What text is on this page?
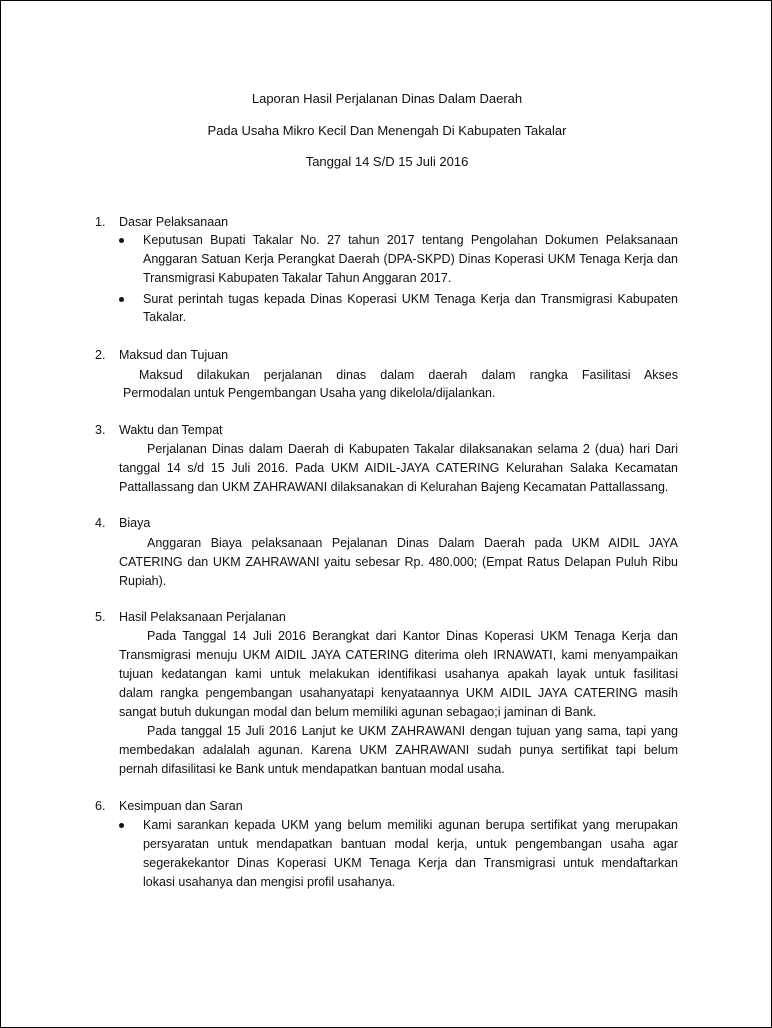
Laporan Hasil Perjalanan Dinas Dalam Daerah
Pada Usaha Mikro Kecil Dan Menengah Di Kabupaten Takalar
Tanggal 14 S/D 15 Juli 2016
1. Dasar Pelaksanaan
Keputusan Bupati Takalar No. 27 tahun 2017 tentang Pengolahan Dokumen Pelaksanaan
Anggaran Satuan Kerja Perangkat Daerah (DPA-SKPD) Dinas Koperasi UKM Tenaga Kerja dan
Transmigrasi Kabupaten Takalar Tahun Anggaran 2017.
Surat perintah tugas kepada Dinas Koperasi UKM Tenaga Kerja dan Transmigrasi Kabupaten
Takalar.
2. Maksud dan Tujuan
Maksud dilakukan perjalanan dinas dalam daerah dalam rangka Fasilitasi Akses
Permodalan untuk Pengembangan Usaha yang dikelola/dijalankan.
3. Waktu dan Tempat
Perjalanan Dinas dalam Daerah di Kabupaten Takalar dilaksanakan selama 2 (dua) hari Dari
tanggal 14 s/d 15 Juli 2016. Pada UKM AIDIL-JAYA CATERING Kelurahan Salaka Kecamatan
Pattallassang dan UKM ZAHRAWANI dilaksanakan di Kelurahan Bajeng Kecamatan Pattallassang.
4. Biaya
Anggaran Biaya pelaksanaan Pejalanan Dinas Dalam Daerah pada UKM AIDIL JAYA
CATERING dan UKM ZAHRAWANI yaitu sebesar Rp. 480.000; (Empat Ratus Delapan Puluh Ribu
Rupiah).
5. Hasil Pelaksanaan Perjalanan
Pada Tanggal 14 Juli 2016 Berangkat dari Kantor Dinas Koperasi UKM Tenaga Kerja dan
Transmigrasi menuju UKM AIDIL JAYA CATERING diterima oleh IRNAWATI, kami menyampaikan
tujuan kedatangan kami untuk melakukan identifikasi usahanya apakah layak untuk fasilitasi
dalam rangka pengembangan usahanyatapi kenyataannya UKM AIDIL JAYA CATERING masih
sangat butuh dukungan modal dan belum memiliki agunan sebagao;i jaminan di Bank.
Pada tanggal 15 Juli 2016 Lanjut ke UKM ZAHRAWANI dengan tujuan yang sama, tapi yang
membedakan adalalah agunan. Karena UKM ZAHRAWANI sudah punya sertifikat tapi belum
pernah difasilitasi ke Bank untuk mendapatkan bantuan modal usaha.
6. Kesimpuan dan Saran
Kami sarankan kepada UKM yang belum memiliki agunan berupa sertifikat yang merupakan
persyaratan untuk mendapatkan bantuan modal kerja, untuk pengembangan usaha agar
segerakekantor Dinas Koperasi UKM Tenaga Kerja dan Transmigrasi untuk mendaftarkan
lokasi usahanya dan mengisi profil usahanya.
